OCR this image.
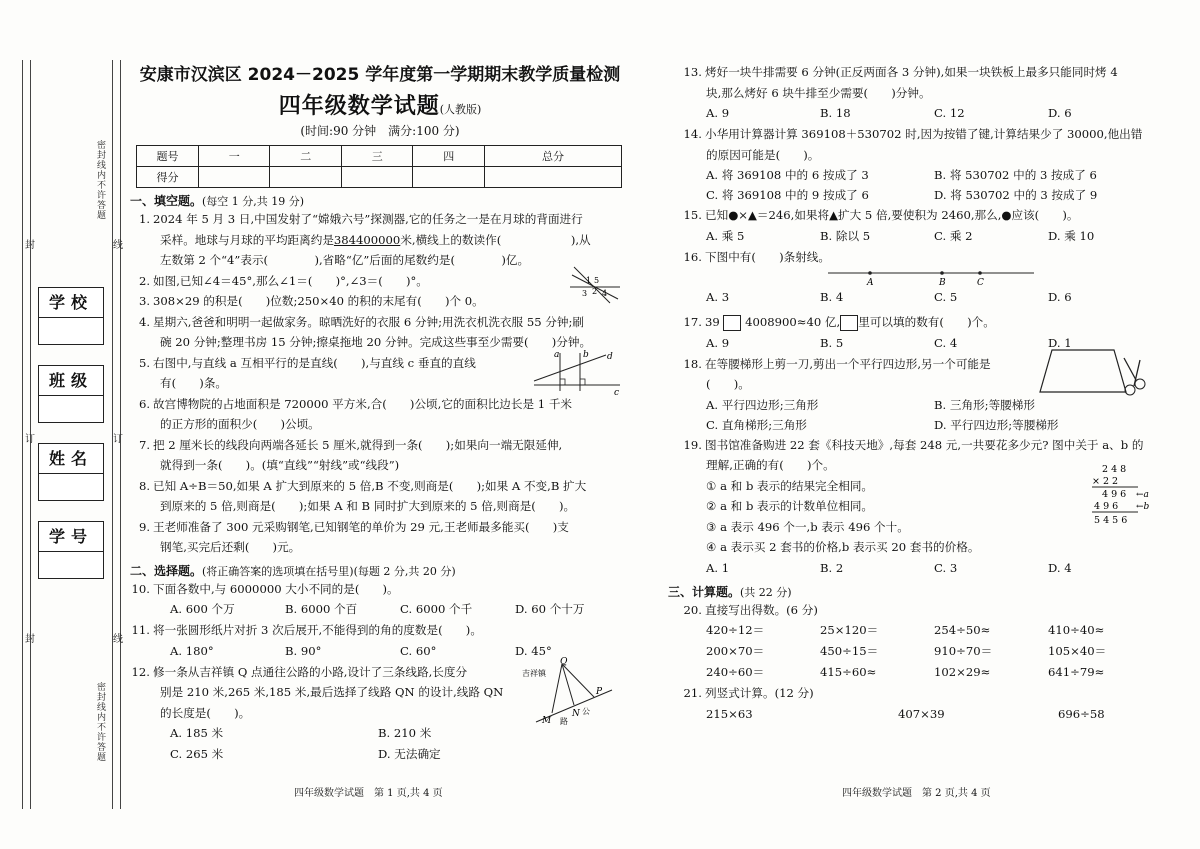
密封线内不许答题
密封线内不许答题
封	线
订	订
封	线
学校
班级
姓名
学号
安康市汉滨区 2024－2025 学年度第一学期期末教学质量检测
四年级数学试题(人教版)
(时间:90 分钟　满分:100 分)
题号	一	二	三	四	总分
得分					
一、填空题。(每空 1 分,共 19 分)
1. 2024 年 5 月 3 日,中国发射了“嫦娥六号”探测器,它的任务之一是在月球的背面进行
采样。地球与月球的平均距离约是384400000米,横线上的数读作(　　　　　　),从
左数第 2 个“4”表示(　　　　),省略“亿”后面的尾数约是(　　　　)亿。
2. 如图,已知∠4＝45°,那么∠1＝(　　)°,∠3＝(　　)°。	1 5
2
3 4
3. 308×29 的积是(　　)位数;250×40 的积的末尾有(　　)个 0。
4. 星期六,爸爸和明明一起做家务。晾晒洗好的衣服 6 分钟;用洗衣机洗衣服 55 分钟;刷
碗 20 分钟;整理书房 15 分钟;擦桌拖地 20 分钟。完成这些事至少需要(　　)分钟。
5. 右图中,与直线 a 互相平行的是直线(　　),与直线 c 垂直的直线
有(　　)条。
a	b d
c
6. 故宫博物院的占地面积是 720000 平方米,合(　　)公顷,它的面积比边长是 1 千米
的正方形的面积少(　　)公顷。
7. 把 2 厘米长的线段向两端各延长 5 厘米,就得到一条(　　);如果向一端无限延伸,
就得到一条(　　)。(填“直线”“射线”或“线段”)
8. 已知 A÷B＝50,如果 A 扩大到原来的 5 倍,B 不变,则商是(　　);如果 A 不变,B 扩大
到原来的 5 倍,则商是(　　);如果 A 和 B 同时扩大到原来的 5 倍,则商是(　　)。
9. 王老师准备了 300 元采购钢笔,已知钢笔的单价为 29 元,王老师最多能买(　　)支
钢笔,买完后还剩(　　)元。
二、选择题。(将正确答案的选项填在括号里)(每题 2 分,共 20 分)
10. 下面各数中,与 6000000 大小不同的是(　　)。
A. 600 个万	B. 6000 个百	C. 6000 个千	D. 60 个十万
11. 将一张圆形纸片对折 3 次后展开,不能得到的角的度数是(　　)。
A. 180°	B. 90°	C. 60°	D. 45°
12. 修一条从吉祥镇 Q 点通往公路的小路,设计了三条线路,长度分
别是 210 米,265 米,185 米,最后选择了线路 QN 的设计,线路 QN
的长度是(　　)。
Q
吉祥镇
M
N
P
公
路
A. 185 米	B. 210 米
C. 265 米	D. 无法确定
四年级数学试题　第 1 页,共 4 页
13. 烤好一块牛排需要 6 分钟(正反两面各 3 分钟),如果一块铁板上最多只能同时烤 4
块,那么烤好 6 块牛排至少需要(　　)分钟。
A. 9	B. 18	C. 12	D. 6
14. 小华用计算器计算 369108＋530702 时,因为按错了键,计算结果少了 30000,他出错
的原因可能是(　　)。
A. 将 369108 中的 6 按成了 3	B. 将 530702 中的 3 按成了 6
C. 将 369108 中的 9 按成了 6	D. 将 530702 中的 3 按成了 9
15. 已知●×▲＝246,如果将▲扩大 5 倍,要使积为 2460,那么,●应该(　　)。
A. 乘 5	B. 除以 5	C. 乘 2	D. 乘 10
16. 下图中有(　　)条射线。
A	B	C
A. 3	B. 4	C. 5	D. 6
17. 39 4008900≈40 亿, 里可以填的数有(　　)个。
A. 9	B. 5	C. 4	D. 1
18. 在等腰梯形上剪一刀,剪出一个平行四边形,另一个可能是
(　　)。
A. 平行四边形;三角形	B. 三角形;等腰梯形
C. 直角梯形;三角形	D. 平行四边形;等腰梯形
19. 图书馆准备购进 22 套《科技天地》,每套 248 元,一共要花多少元? 图中关于 a、b 的
理解,正确的有(　　)个。
① a 和 b 表示的结果完全相同。
② a 和 b 表示的计数单位相同。
③ a 表示 496 个一,b 表示 496 个十。
④ a 表示买 2 套书的价格,b 表示买 20 套书的价格。
2 4 8
× 2 2
4 9 6 ←a
4 9 6 ←b
5 4 5 6
A. 1	B. 2	C. 3	D. 4
三、计算题。(共 22 分)
20. 直接写出得数。(6 分)
420÷12＝	25×120＝	254÷50≈	410÷40≈
200×70＝	450÷15＝	910÷70＝	105×40＝
240÷60＝	415÷60≈	102×29≈	641÷79≈
21. 列竖式计算。(12 分)
215×63	407×39	696÷58
四年级数学试题　第 2 页,共 4 页
